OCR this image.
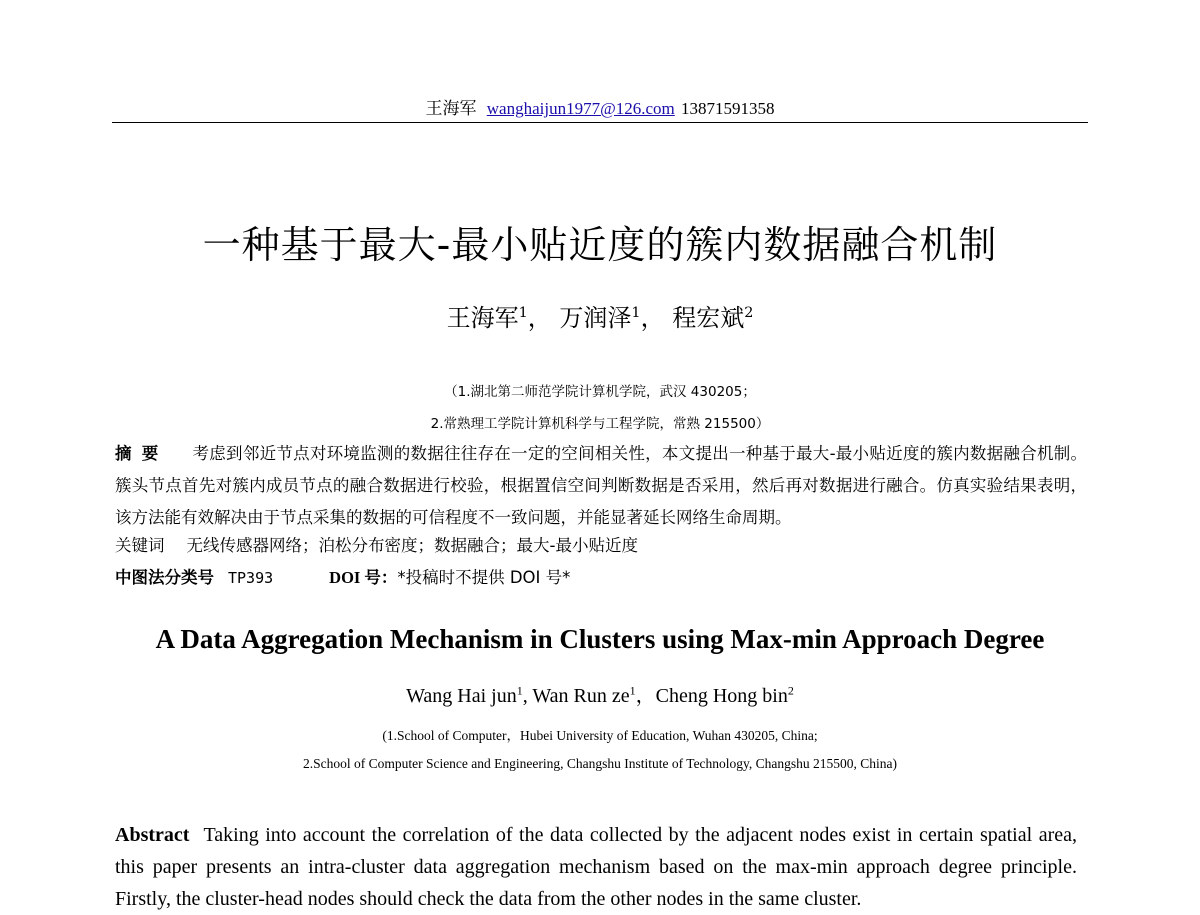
王海军 wanghaijun1977@126.com 13871591358
一种基于最大-最小贴近度的簇内数据融合机制
王海军$^1$， 万润泽$^1$， 程宏斌$^2$
（1.湖北第二师范学院计算机学院，武汉 430205；
2.常熟理工学院计算机科学与工程学院，常熟 215500）
摘要 考虑到邻近节点对环境监测的数据往往存在一定的空间相关性，本文提出一种基于最大-最小贴近度的簇内数据融合机制。簇头节点首先对簇内成员节点的融合数据进行校验，根据置信空间判断数据是否采用，然后再对数据进行融合。仿真实验结果表明，该方法能有效解决由于节点采集的数据的可信程度不一致问题，并能显著延长网络生命周期。
关键词 无线传感器网络；泊松分布密度；数据融合；最大-最小贴近度
中图法分类号 TP393	DOI 号：*投稿时不提供 DOI 号*
A Data Aggregation Mechanism in Clusters using Max-min Approach Degree
Wang Hai jun$^1$, Wan Run $ze^1$，Cheng Hong bin$^2$
(1.School of Computer，Hubei University of Education, Wuhan 430205, China;
2.School of Computer Science and Engineering, Changshu Institute of Technology, Changshu 215500, China)
Abstract Taking into account the correlation of the data collected by the adjacent nodes exist in certain spatial area, this paper presents an intra-cluster data aggregation mechanism based on the max-min approach degree principle. Firstly, the cluster-head nodes should check the data from the other nodes in the same cluster.
